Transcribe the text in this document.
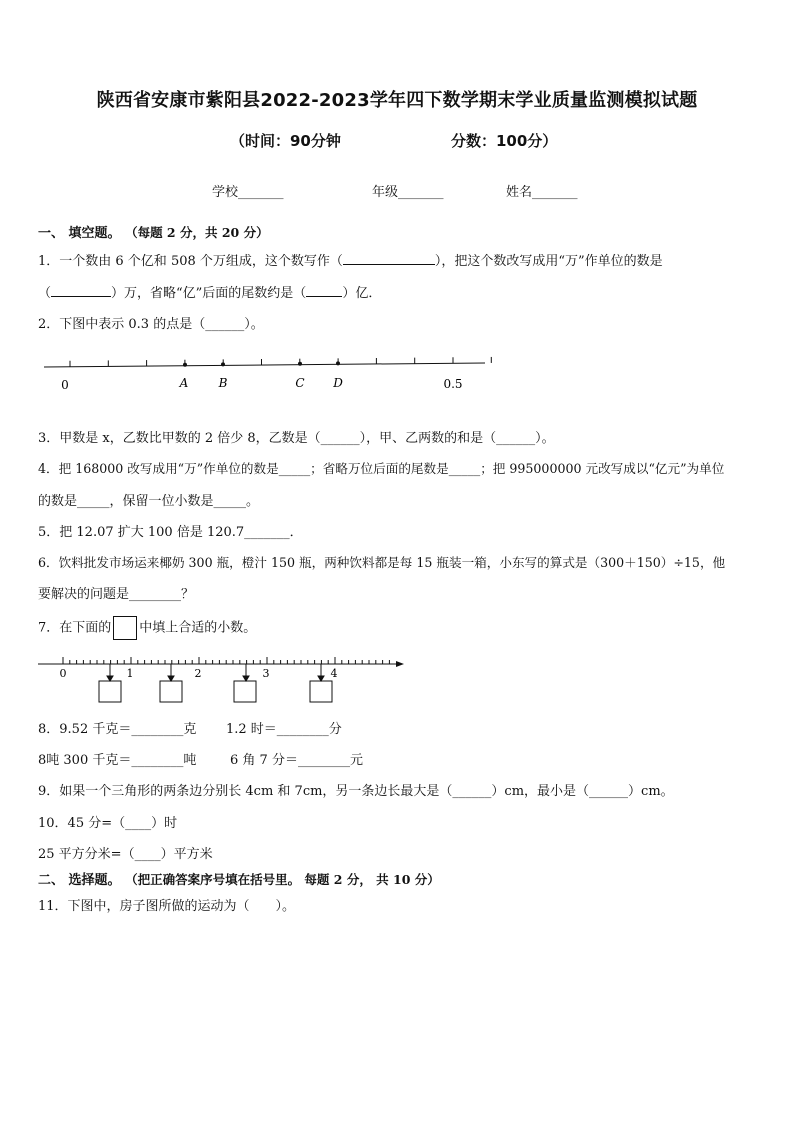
陕西省安康市紫阳县2022-2023学年四下数学期末学业质量监测模拟试题
（时间：90分钟	分数：100分）
学校_______	年级_______	姓名_______
一、 填空题。 （每题 2 分，共 20 分）
1．一个数由 6 个亿和 508 个万组成，这个数写作（	），把这个数改写成用“万”作单位的数是
（	）万，省略“亿”后面的尾数约是（	）亿．
2．下图中表示 0.3 的点是（______）。
0	A	B	C D	0.5
3．甲数是 x，乙数比甲数的 2 倍少 8，乙数是（______），甲、乙两数的和是（______）。
4．把 168000 改写成用“万”作单位的数是_____；省略万位后面的尾数是_____；把 995000000 元改写成以“亿元”为单位
的数是_____，保留一位小数是_____。
5．把 12.07 扩大 100 倍是 120.7_______．
6．饮料批发市场运来椰奶 300 瓶，橙汁 150 瓶，两种饮料都是每 15 瓶装一箱，小东写的算式是（300＋150）÷15，他
要解决的问题是________？
7．在下面的 中填上合适的小数。
0	1	2	3	4
8．9.52 千克＝________克 1.2 时＝________分
8吨 300 千克＝________吨	6 角 7 分＝________元
9．如果一个三角形的两条边分别长 4cm 和 7cm，另一条边长最大是（______）cm，最小是（______）cm。
10．45 分=（____）时
25 平方分米=（____）平方米
二、 选择题。 （把正确答案序号填在括号里。 每题 2 分， 共 10 分）
11．下图中，房子图所做的运动为（　　）。
